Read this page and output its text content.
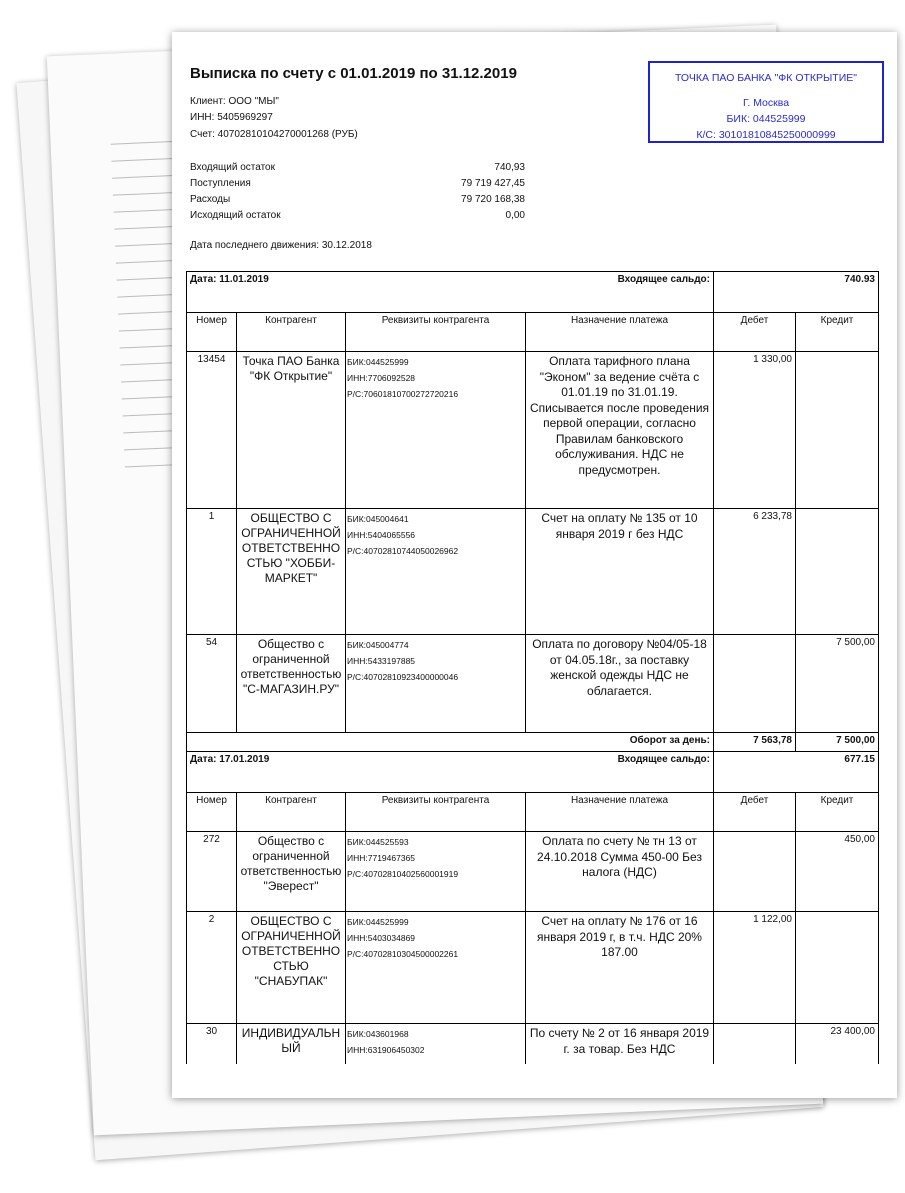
Выписка по счету с 01.01.2019 по 31.12.2019
Клиент: ООО "МЫ"
ИНН: 5405969297
Счет: 40702810104270001268 (РУБ)
ТОЧКА ПАО БАНКА "ФК ОТКРЫТИЕ"
Г. Москва
БИК: 044525999
К/С: 30101810845250000999
Входящий остаток	740,93
Поступления	79 719 427,45
Расходы	79 720 168,38
Исходящий остаток	0,00
Дата последнего движения: 30.12.2018
Дата: 11.01.2019 Входящее сальдо:				740.93	
Номер	Контрагент	Реквизиты контрагента	Назначение платежа	Дебет	Кредит
13454	Точка ПАО Банка "ФК Открытие"	БИК:044525999
ИНН:7706092528
Р/С:70601810700272720216	Оплата тарифного плана "Эконом" за ведение счёта с 01.01.19 по 31.01.19. Списывается после проведения первой операции, согласно Правилам банковского обслуживания. НДС не предусмотрен.	1 330,00	
1	ОБЩЕСТВО С ОГРАНИЧЕННОЙ ОТВЕТСТВЕННО СТЬЮ "ХОББИ-МАРКЕТ"	БИК:045004641
ИНН:5404065556
Р/С:40702810744050026962	Счет на оплату № 135 от 10 января 2019 г без НДС	6 233,78	
54	Общество с ограниченной ответственностью "С-МАГАЗИН.РУ"	БИК:045004774
ИНН:5433197885
Р/С:40702810923400000046	Оплата по договору №04/05-18 от 04.05.18г., за поставку женской одежды НДС не облагается.		7 500,00
Оборот за день:				7 563,78	7 500,00
Дата: 17.01.2019 Входящее сальдо:				677.15	
Номер	Контрагент	Реквизиты контрагента	Назначение платежа	Дебет	Кредит
272	Общество с ограниченной ответственностью "Эверест"	БИК:044525593
ИНН:7719467365
Р/С:40702810402560001919	Оплата по счету № тн 13 от 24.10.2018 Сумма 450-00 Без налога (НДС)		450,00
2	ОБЩЕСТВО С ОГРАНИЧЕННОЙ ОТВЕТСТВЕННО СТЬЮ "СНАБУПАК"	БИК:044525999
ИНН:5403034869
Р/С:40702810304500002261	Счет на оплату № 176 от 16 января 2019 г, в т.ч. НДС 20% 187.00	1 122,00	
30	ИНДИВИДУАЛЬН ЫЙ	БИК:043601968
ИНН:631906450302	По счету № 2 от 16 января 2019 г. за товар. Без НДС		23 400,00
